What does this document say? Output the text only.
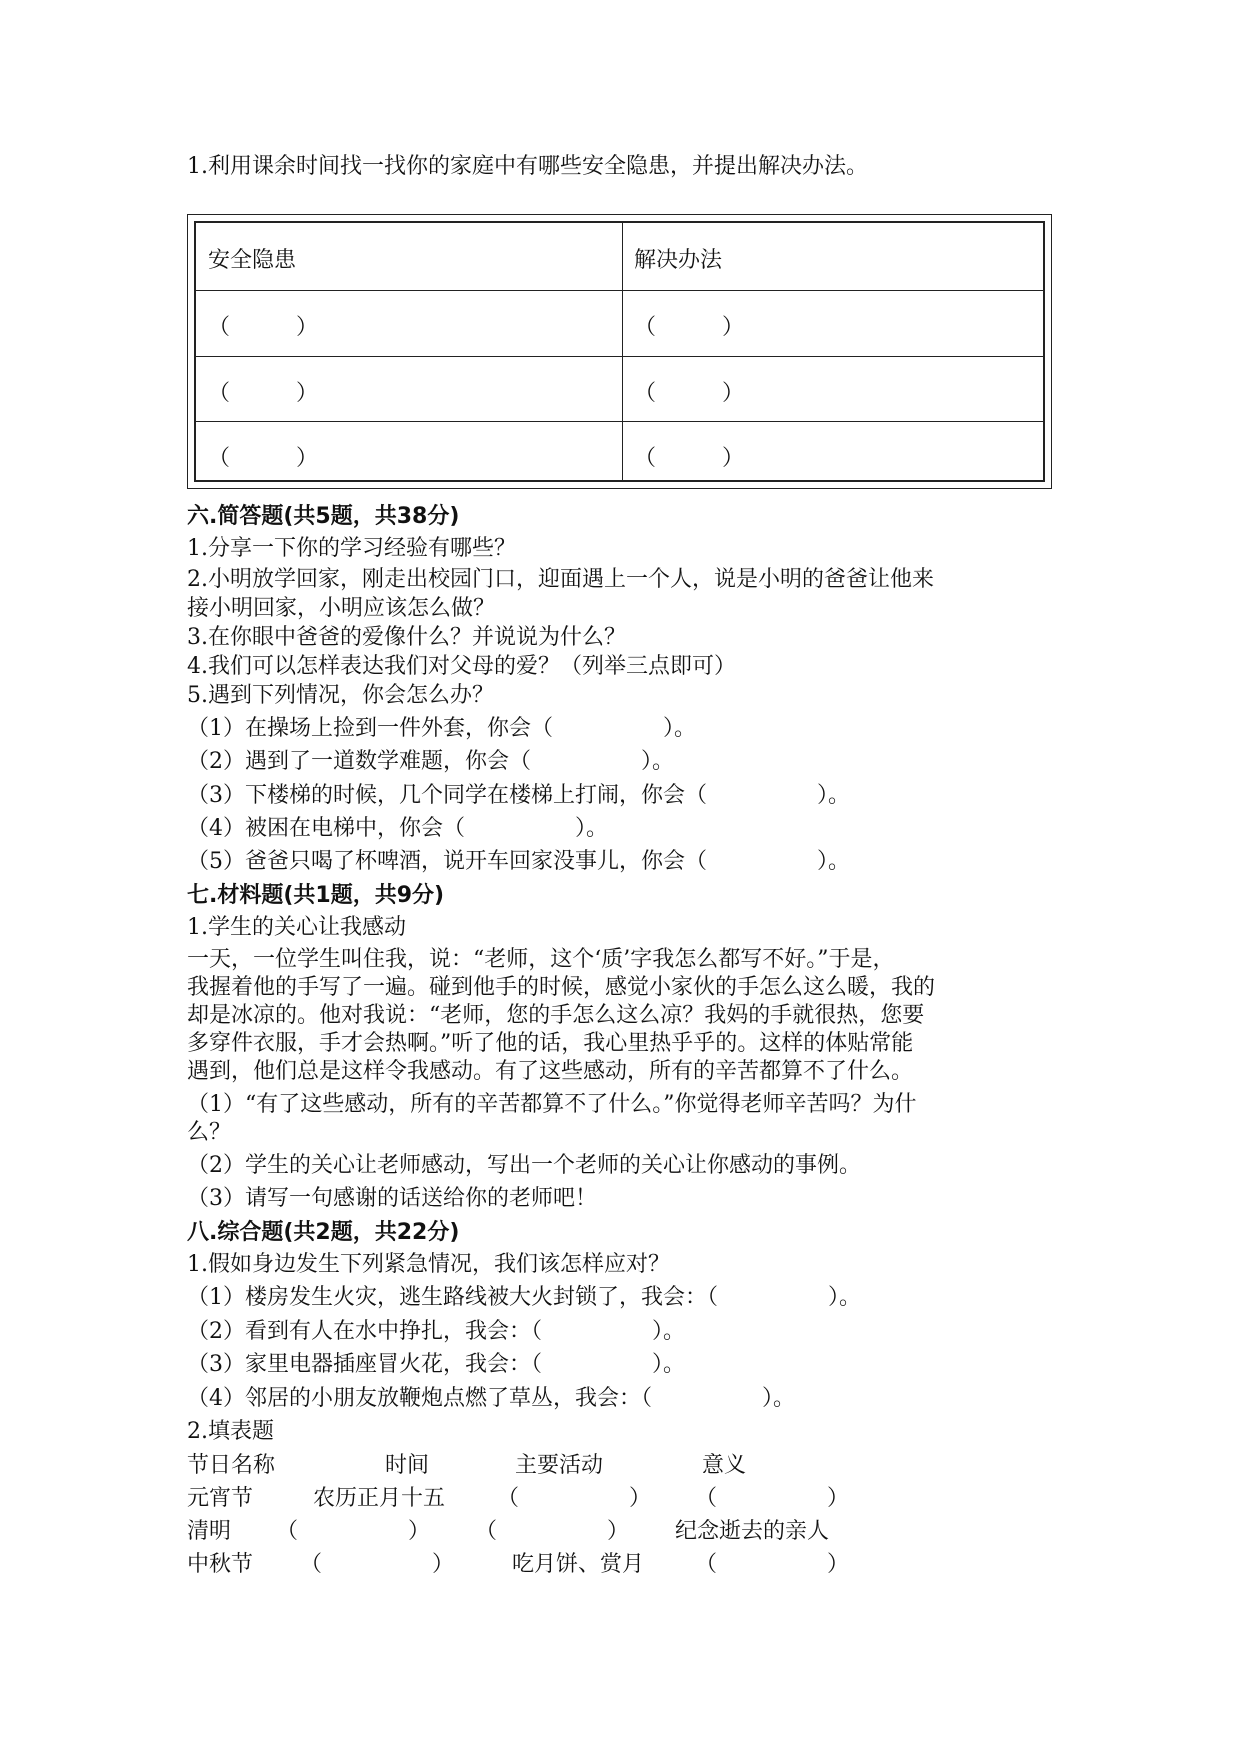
1.利用课余时间找一找你的家庭中有哪些安全隐患，并提出解决办法。
安全隐患	解决办法
（　　　）	（　　　）
（　　　）	（　　　）
（　　　）	（　　　）
六.简答题(共5题，共38分)
1.分享一下你的学习经验有哪些？
2.小明放学回家，刚走出校园门口，迎面遇上一个人，说是小明的爸爸让他来
接小明回家，小明应该怎么做？
3.在你眼中爸爸的爱像什么？并说说为什么？
4.我们可以怎样表达我们对父母的爱？（列举三点即可）
5.遇到下列情况，你会怎么办？
（1）在操场上捡到一件外套，你会（　　　　　）。
（2）遇到了一道数学难题，你会（　　　　　）。
（3）下楼梯的时候，几个同学在楼梯上打闹，你会（　　　　　）。
（4）被困在电梯中，你会（　　　　　）。
（5）爸爸只喝了杯啤酒，说开车回家没事儿，你会（　　　　　）。
七.材料题(共1题，共9分)
1.学生的关心让我感动
一天，一位学生叫住我，说：“老师，这个‘质’字我怎么都写不好。”于是，
我握着他的手写了一遍。碰到他手的时候，感觉小家伙的手怎么这么暖，我的
却是冰凉的。他对我说：“老师，您的手怎么这么凉？我妈的手就很热，您要
多穿件衣服，手才会热啊。”听了他的话，我心里热乎乎的。这样的体贴常能
遇到，他们总是这样令我感动。有了这些感动，所有的辛苦都算不了什么。
（1）“有了这些感动，所有的辛苦都算不了什么。”你觉得老师辛苦吗？为什
么？
（2）学生的关心让老师感动，写出一个老师的关心让你感动的事例。
（3）请写一句感谢的话送给你的老师吧！
八.综合题(共2题，共22分)
1.假如身边发生下列紧急情况，我们该怎样应对？
（1）楼房发生火灾，逃生路线被大火封锁了，我会：（　　　　　）。
（2）看到有人在水中挣扎，我会：（　　　　　）。
（3）家里电器插座冒火花，我会：（　　　　　）。
（4）邻居的小朋友放鞭炮点燃了草丛，我会：（　　　　　）。
2.填表题
节日名称	时间	主要活动	意义
元宵节	农历正月十五 （　　　　　） （　　　　　）
清明 （　　　　　） （　　　　　） 纪念逝去的亲人
中秋节 （　　　　　）	吃月饼、赏月 （　　　　　）
